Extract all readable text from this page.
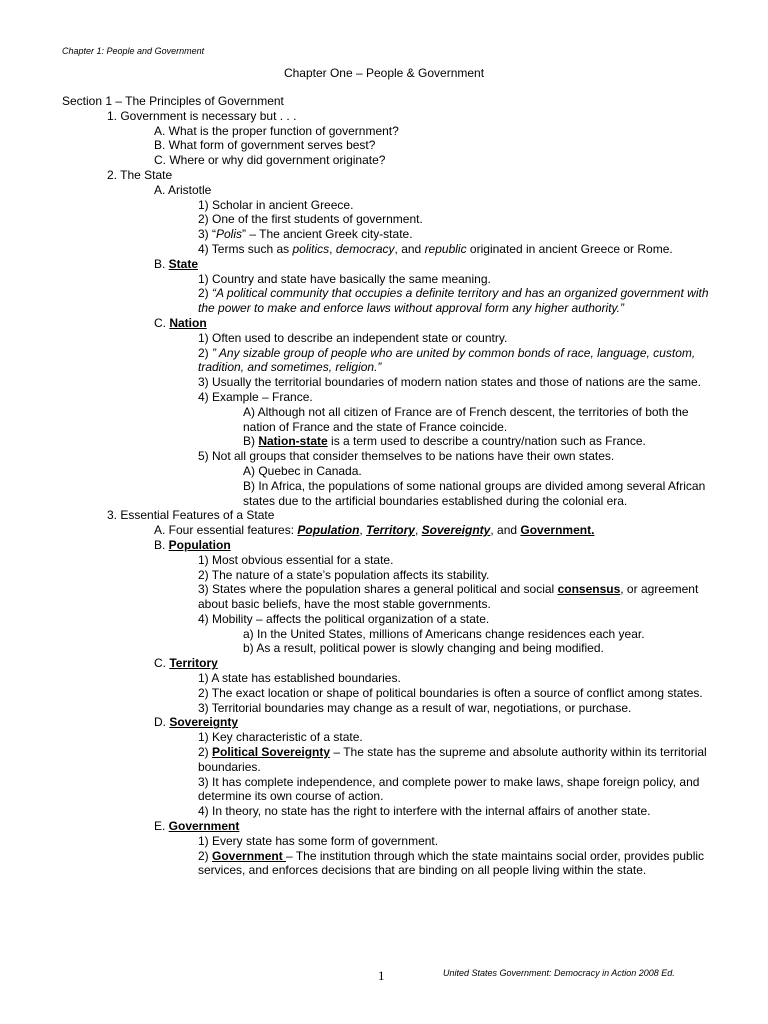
Chapter 1: People and Government
Chapter One – People & Government
Section 1 – The Principles of Government
1. Government is necessary but . . .
A. What is the proper function of government?
B. What form of government serves best?
C. Where or why did government originate?
2. The State
A. Aristotle
1) Scholar in ancient Greece.
2) One of the first students of government.
3) “Polis” – The ancient Greek city-state.
4) Terms such as politics, democracy, and republic originated in ancient Greece or Rome.
B. State
1) Country and state have basically the same meaning.
2) “A political community that occupies a definite territory and has an organized government with the power to make and enforce laws without approval form any higher authority.”
C. Nation
1) Often used to describe an independent state or country.
2) ” Any sizable group of people who are united by common bonds of race, language, custom, tradition, and sometimes, religion.”
3) Usually the territorial boundaries of modern nation states and those of nations are the same.
4) Example – France.
A) Although not all citizen of France are of French descent, the territories of both the nation of France and the state of France coincide.
B) Nation-state is a term used to describe a country/nation such as France.
5) Not all groups that consider themselves to be nations have their own states.
A) Quebec in Canada.
B) In Africa, the populations of some national groups are divided among several African states due to the artificial boundaries established during the colonial era.
3. Essential Features of a State
A. Four essential features: Population, Territory, Sovereignty, and Government.
B. Population
1) Most obvious essential for a state.
2) The nature of a state’s population affects its stability.
3) States where the population shares a general political and social consensus, or agreement about basic beliefs, have the most stable governments.
4) Mobility – affects the political organization of a state.
a) In the United States, millions of Americans change residences each year.
b) As a result, political power is slowly changing and being modified.
C. Territory
1) A state has established boundaries.
2) The exact location or shape of political boundaries is often a source of conflict among states.
3) Territorial boundaries may change as a result of war, negotiations, or purchase.
D. Sovereignty
1) Key characteristic of a state.
2) Political Sovereignty – The state has the supreme and absolute authority within its territorial boundaries.
3) It has complete independence, and complete power to make laws, shape foreign policy, and determine its own course of action.
4) In theory, no state has the right to interfere with the internal affairs of another state.
E. Government
1) Every state has some form of government.
2) Government – The institution through which the state maintains social order, provides public services, and enforces decisions that are binding on all people living within the state.
1	United States Government: Democracy in Action 2008 Ed.
